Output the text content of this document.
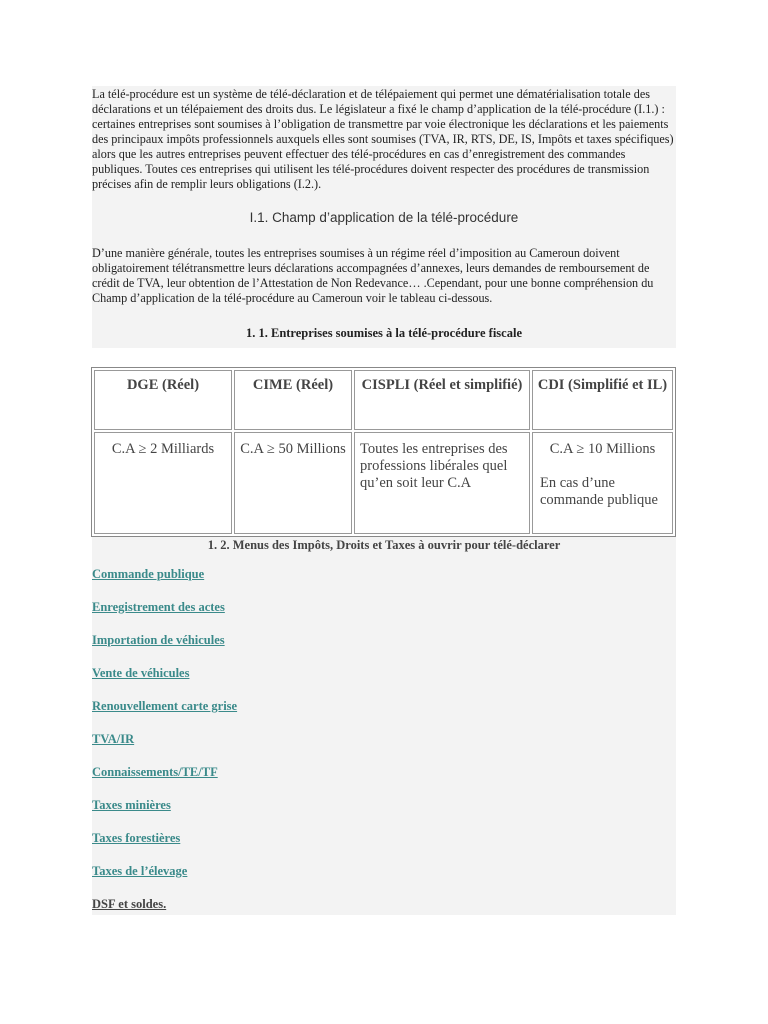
La télé-procédure est un système de télé-déclaration et de télépaiement qui permet une dématérialisation totale des déclarations et un télépaiement des droits dus. Le législateur a fixé le champ d’application de la télé-procédure (I.1.) : certaines entreprises sont soumises à l’obligation de transmettre par voie électronique les déclarations et les paiements des principaux impôts professionnels auxquels elles sont soumises (TVA, IR, RTS, DE, IS, Impôts et taxes spécifiques) alors que les autres entreprises peuvent effectuer des télé-procédures en cas d’enregistrement des commandes publiques. Toutes ces entreprises qui utilisent les télé-procédures doivent respecter des procédures de transmission précises afin de remplir leurs obligations (I.2.).

I.1. Champ d’application de la télé-procédure

D’une manière générale, toutes les entreprises soumises à un régime réel d’imposition au Cameroun doivent obligatoirement télétransmettre leurs déclarations accompagnées d’annexes, leurs demandes de remboursement de crédit de TVA, leur obtention de l’Attestation de Non Redevance… .Cependant, pour une bonne compréhension du Champ d’application de la télé-procédure au Cameroun voir le tableau ci-dessous.

1. 1. Entreprises soumises à la télé-procédure fiscale

DGE (Réel)	CIME (Réel)	CISPLI (Réel et simplifié)	CDI (Simplifié et IL)
C.A ≥ 2 Milliards	C.A ≥ 50 Millions	Toutes les entreprises des professions libérales quel qu’en soit leur C.A	C.A ≥ 10 Millions
En cas d’une commande publique

1. 2. Menus des Impôts, Droits et Taxes à ouvrir pour télé-déclarer

Commande publique
Enregistrement des actes
Importation de véhicules
Vente de véhicules
Renouvellement carte grise
TVA/IR
Connaissements/TE/TF
Taxes minières
Taxes forestières
Taxes de l’élevage
DSF et soldes.
